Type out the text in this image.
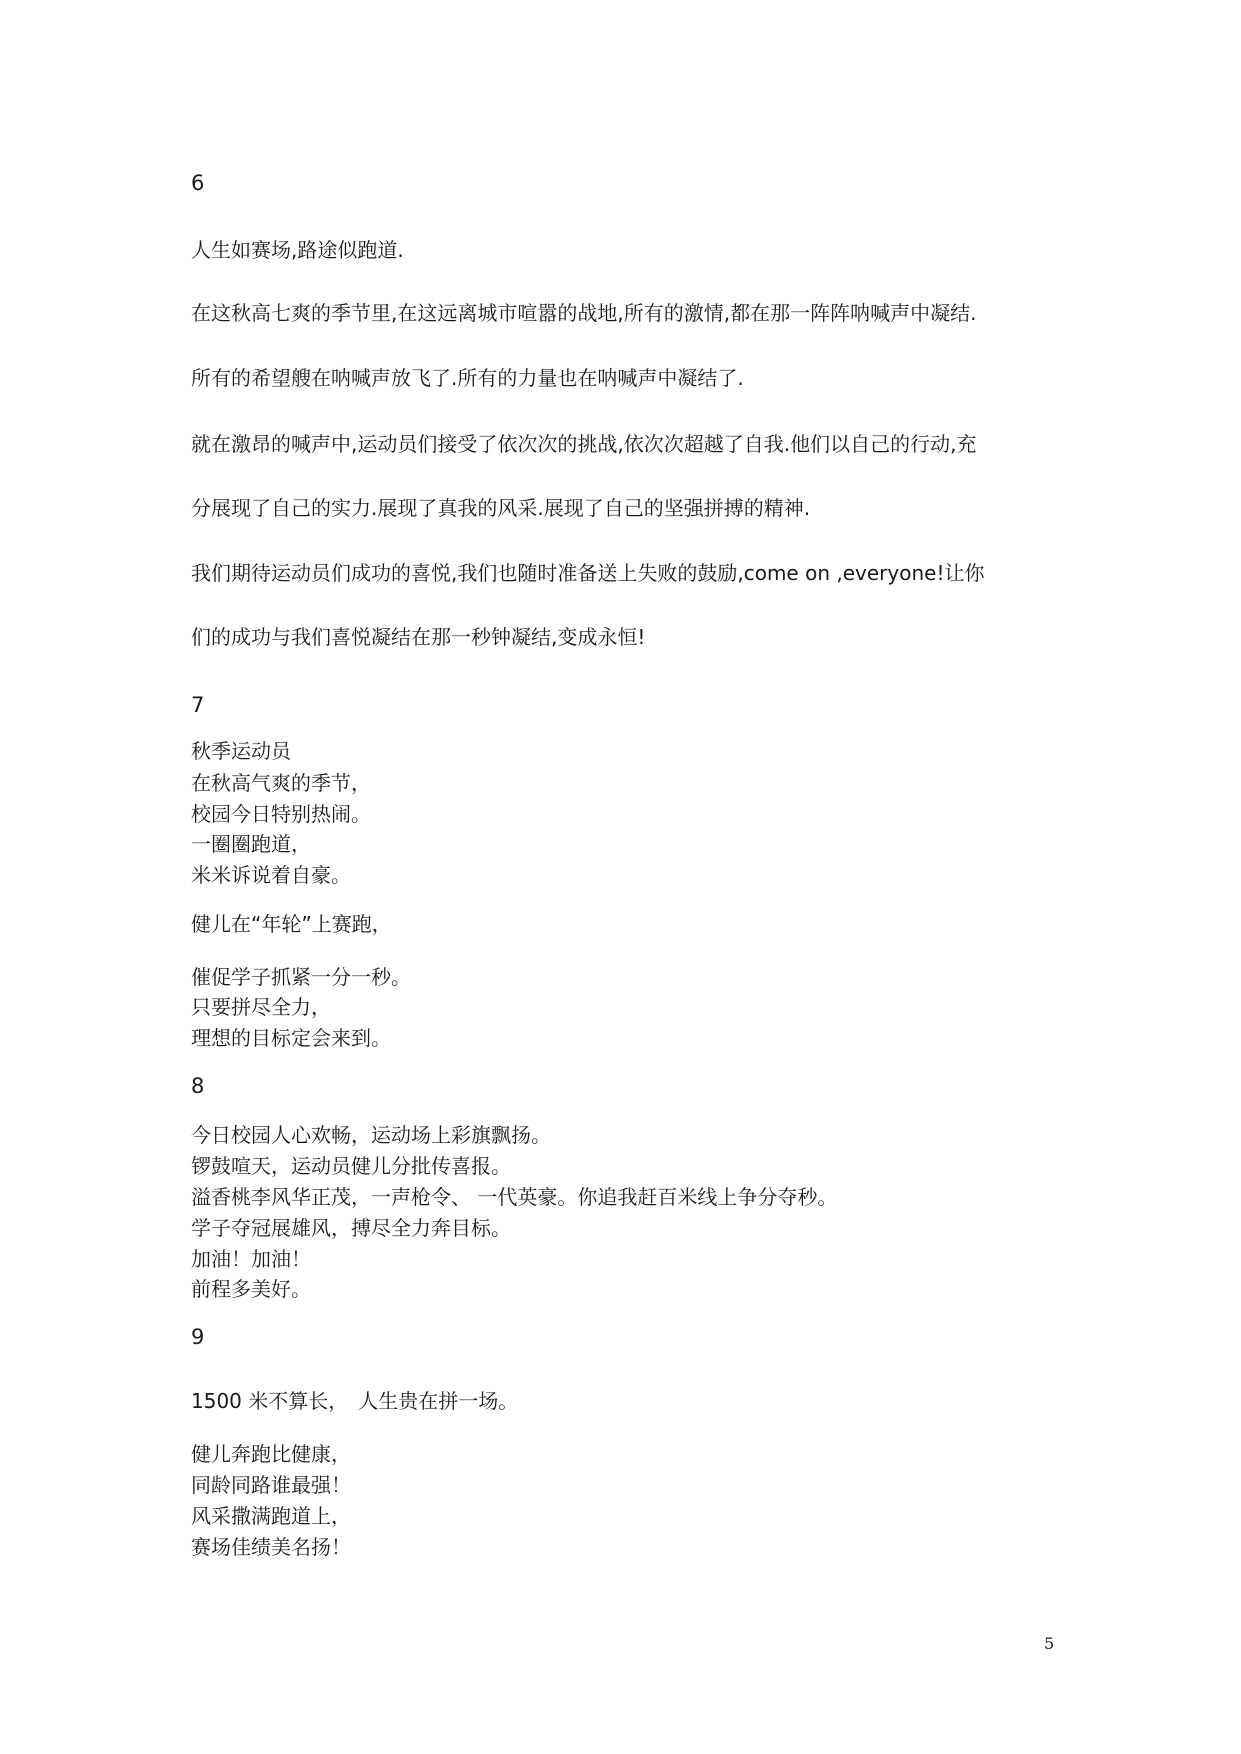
6

人生如赛场,路途似跑道.

在这秋高七爽的季节里,在这远离城市喧嚣的战地,所有的激情,都在那一阵阵呐喊声中凝结.

所有的希望艘在呐喊声放飞了.所有的力量也在呐喊声中凝结了.

就在激昂的喊声中,运动员们接受了依次次的挑战,依次次超越了自我.他们以自己的行动,充

分展现了自己的实力.展现了真我的风采.展现了自己的坚强拼搏的精神.

我们期待运动员们成功的喜悦,我们也随时准备送上失败的鼓励,come on ,everyone!让你

们的成功与我们喜悦凝结在那一秒钟凝结,变成永恒!

7

秋季运动员

在秋高气爽的季节，

校园今日特别热闹。

一圈圈跑道，

米米诉说着自豪。

健儿在“年轮”上赛跑，

催促学子抓紧一分一秒。

只要拼尽全力，

理想的目标定会来到。

8

今日校园人心欢畅，运动场上彩旗飘扬。

锣鼓喧天，运动员健儿分批传喜报。

溢香桃李风华正茂，一声枪令、 一代英豪。你追我赶百米线上争分夺秒。

学子夺冠展雄风，搏尽全力奔目标。

加油！加油！

前程多美好。

9

1500 米不算长，　人生贵在拼一场。

健儿奔跑比健康，

同龄同路谁最强！

风采撒满跑道上，

赛场佳绩美名扬！

5
